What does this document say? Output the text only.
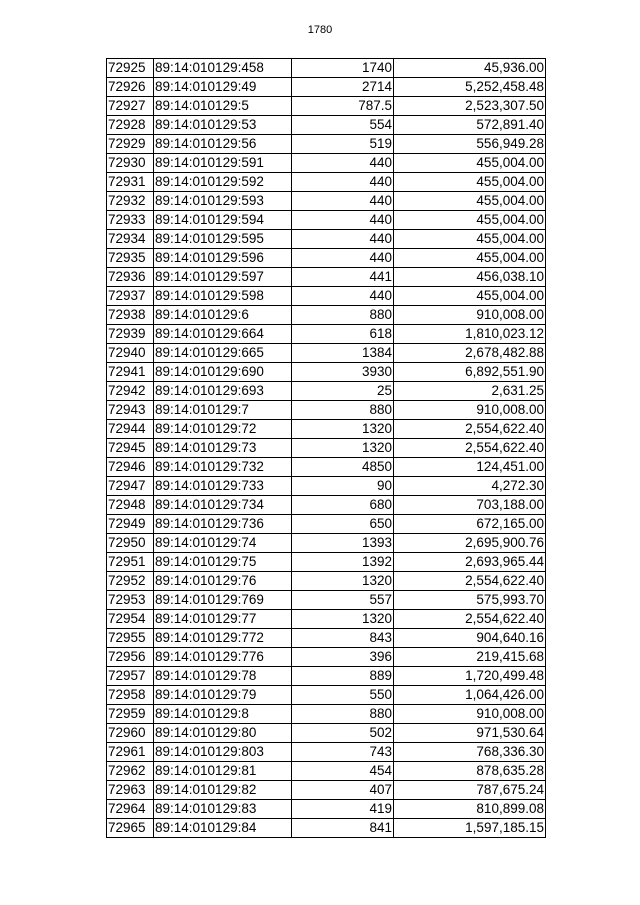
1780
72925	89:14:010129:458	1740	45,936.00
72926	89:14:010129:49	2714	5,252,458.48
72927	89:14:010129:5	787.5	2,523,307.50
72928	89:14:010129:53	554	572,891.40
72929	89:14:010129:56	519	556,949.28
72930	89:14:010129:591	440	455,004.00
72931	89:14:010129:592	440	455,004.00
72932	89:14:010129:593	440	455,004.00
72933	89:14:010129:594	440	455,004.00
72934	89:14:010129:595	440	455,004.00
72935	89:14:010129:596	440	455,004.00
72936	89:14:010129:597	441	456,038.10
72937	89:14:010129:598	440	455,004.00
72938	89:14:010129:6	880	910,008.00
72939	89:14:010129:664	618	1,810,023.12
72940	89:14:010129:665	1384	2,678,482.88
72941	89:14:010129:690	3930	6,892,551.90
72942	89:14:010129:693	25	2,631.25
72943	89:14:010129:7	880	910,008.00
72944	89:14:010129:72	1320	2,554,622.40
72945	89:14:010129:73	1320	2,554,622.40
72946	89:14:010129:732	4850	124,451.00
72947	89:14:010129:733	90	4,272.30
72948	89:14:010129:734	680	703,188.00
72949	89:14:010129:736	650	672,165.00
72950	89:14:010129:74	1393	2,695,900.76
72951	89:14:010129:75	1392	2,693,965.44
72952	89:14:010129:76	1320	2,554,622.40
72953	89:14:010129:769	557	575,993.70
72954	89:14:010129:77	1320	2,554,622.40
72955	89:14:010129:772	843	904,640.16
72956	89:14:010129:776	396	219,415.68
72957	89:14:010129:78	889	1,720,499.48
72958	89:14:010129:79	550	1,064,426.00
72959	89:14:010129:8	880	910,008.00
72960	89:14:010129:80	502	971,530.64
72961	89:14:010129:803	743	768,336.30
72962	89:14:010129:81	454	878,635.28
72963	89:14:010129:82	407	787,675.24
72964	89:14:010129:83	419	810,899.08
72965	89:14:010129:84	841	1,597,185.15
